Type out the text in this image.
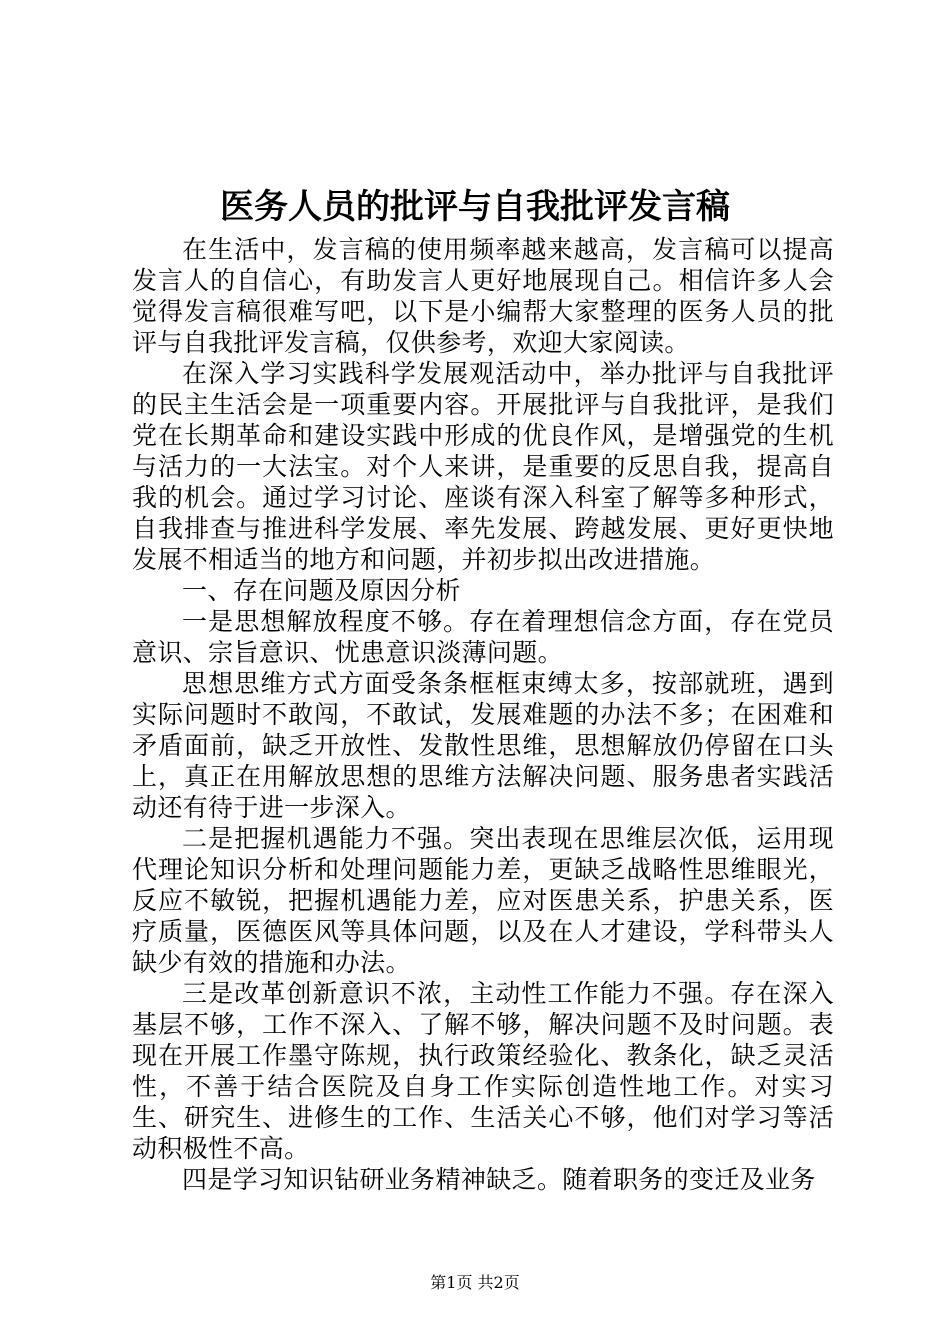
医务人员的批评与自我批评发言稿

在生活中，发言稿的使用频率越来越高，发言稿可以提高发言人的自信心，有助发言人更好地展现自己。相信许多人会觉得发言稿很难写吧，以下是小编帮大家整理的医务人员的批评与自我批评发言稿，仅供参考，欢迎大家阅读。

在深入学习实践科学发展观活动中，举办批评与自我批评的民主生活会是一项重要内容。开展批评与自我批评，是我们党在长期革命和建设实践中形成的优良作风，是增强党的生机与活力的一大法宝。对个人来讲，是重要的反思自我，提高自我的机会。通过学习讨论、座谈有深入科室了解等多种形式，自我排查与推进科学发展、率先发展、跨越发展、更好更快地发展不相适当的地方和问题，并初步拟出改进措施。

一、存在问题及原因分析

一是思想解放程度不够。存在着理想信念方面，存在党员意识、宗旨意识、忧患意识淡薄问题。

思想思维方式方面受条条框框束缚太多，按部就班，遇到实际问题时不敢闯，不敢试，发展难题的办法不多；在困难和矛盾面前，缺乏开放性、发散性思维，思想解放仍停留在口头上，真正在用解放思想的思维方法解决问题、服务患者实践活动还有待于进一步深入。

二是把握机遇能力不强。突出表现在思维层次低，运用现代理论知识分析和处理问题能力差，更缺乏战略性思维眼光，反应不敏锐，把握机遇能力差，应对医患关系，护患关系，医疗质量，医德医风等具体问题，以及在人才建设，学科带头人缺少有效的措施和办法。

三是改革创新意识不浓，主动性工作能力不强。存在深入基层不够，工作不深入、了解不够，解决问题不及时问题。表现在开展工作墨守陈规，执行政策经验化、教条化，缺乏灵活性，不善于结合医院及自身工作实际创造性地工作。对实习生、研究生、进修生的工作、生活关心不够，他们对学习等活动积极性不高。

四是学习知识钻研业务精神缺乏。随着职务的变迁及业务

第1页 共2页
